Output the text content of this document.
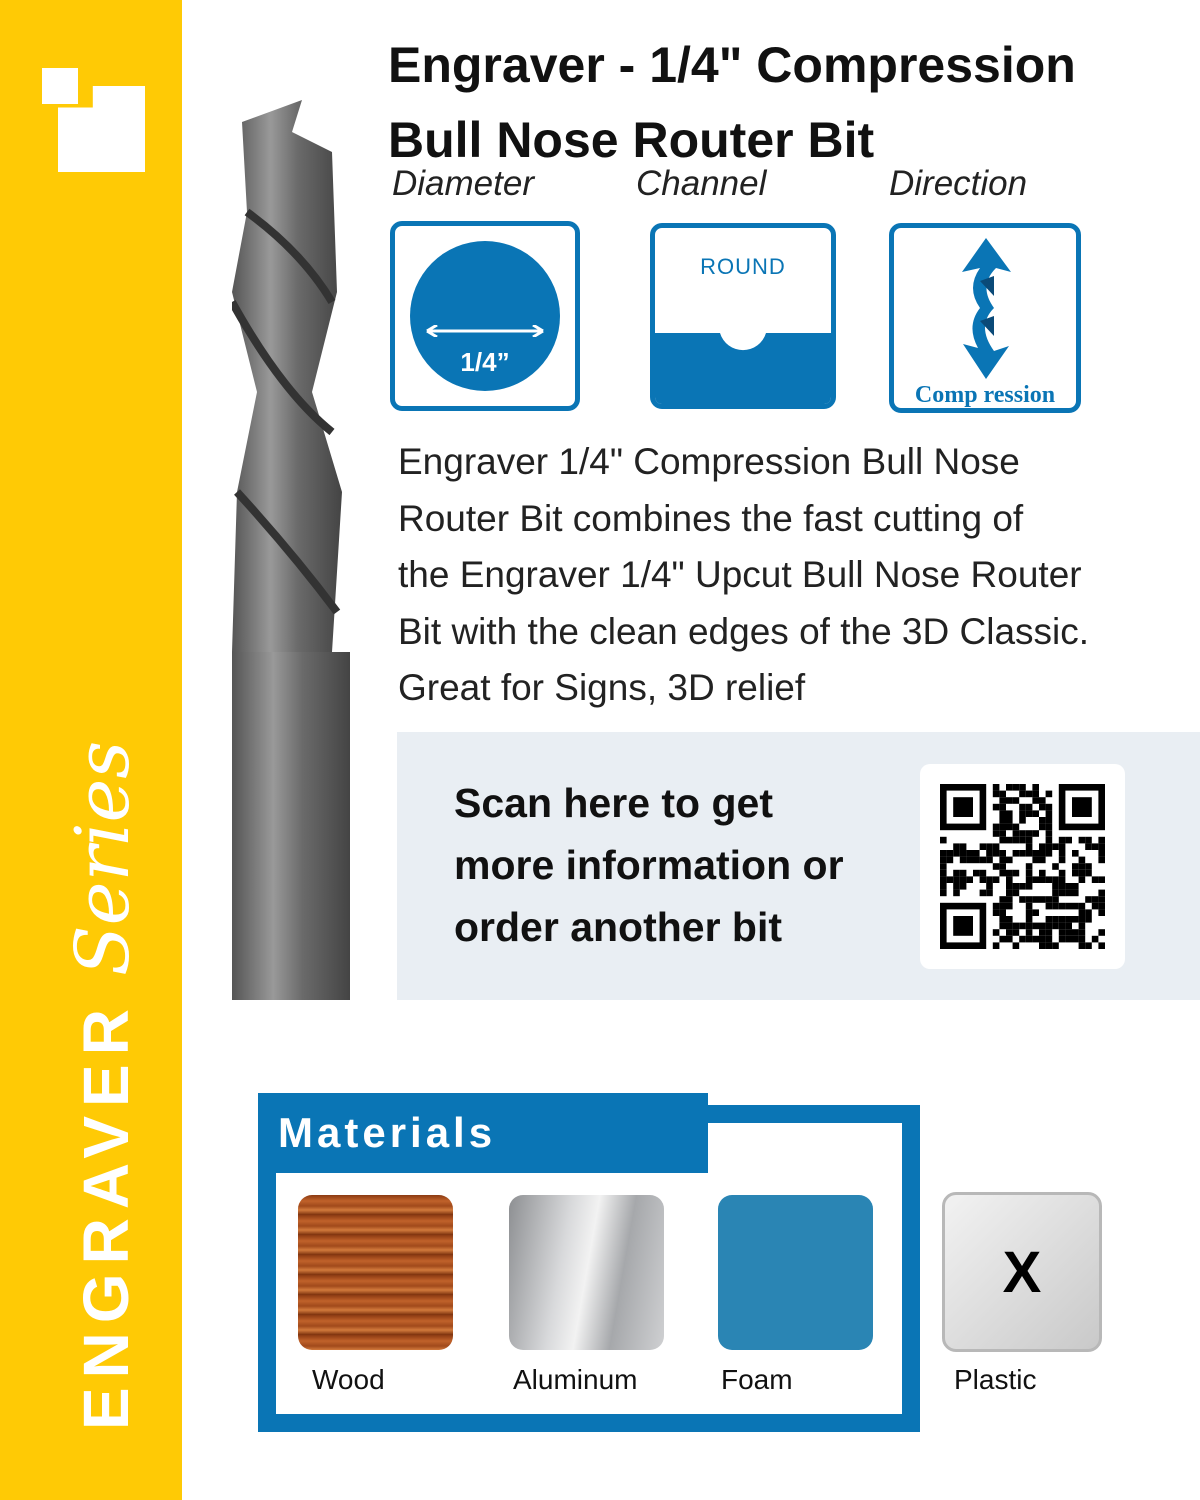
ENGRAVER
Series
Engraver - 1/4" Compression
Bull Nose Router Bit
Diameter	Channel	Direction
1/4”
ROUND
Comp ression
Engraver 1/4" Compression Bull Nose
Router Bit combines the fast cutting of
the Engraver 1/4" Upcut Bull Nose Router
Bit with the clean edges of the 3D Classic.
Great for Signs, 3D relief
Scan here to get
more information or
order another bit
Materials
X
Wood	Aluminum	Foam	Plastic
